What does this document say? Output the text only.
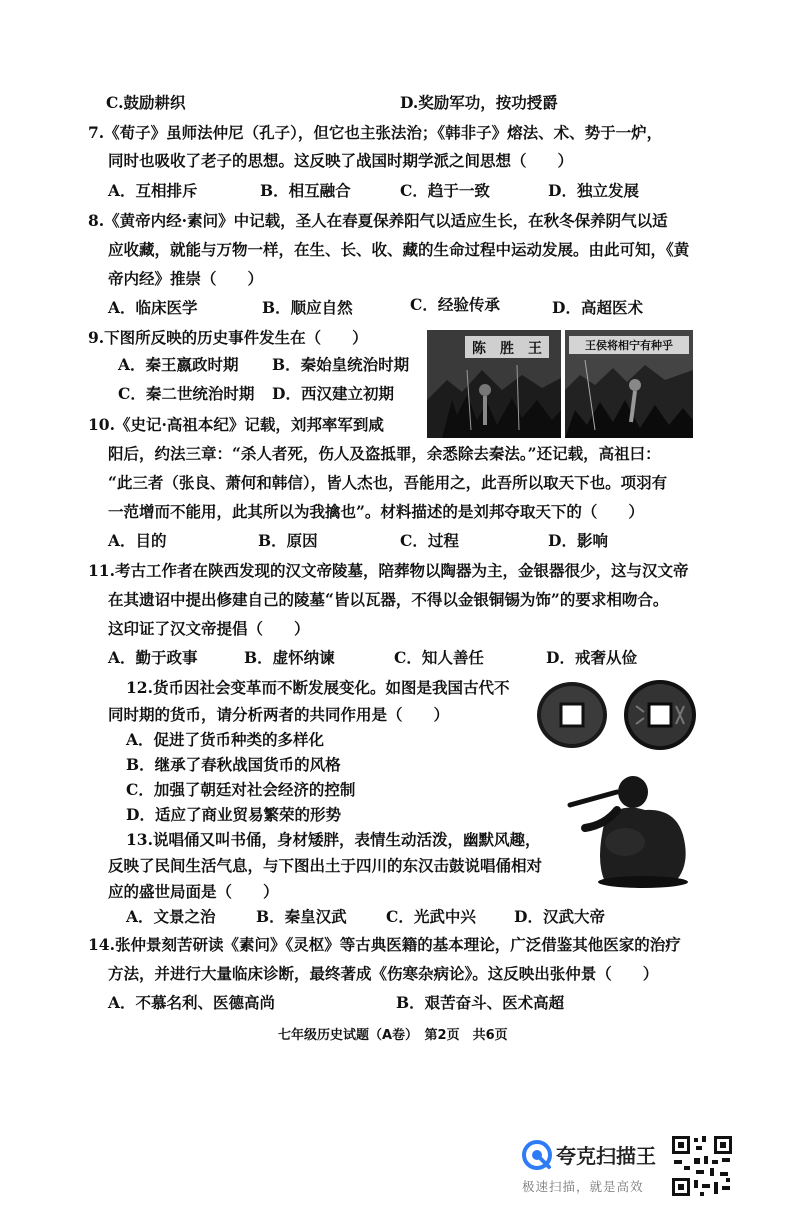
C.鼓励耕织	D.奖励军功，按功授爵
7.《荀子》虽师法仲尼（孔子），但它也主张法治；《韩非子》熔法、术、势于一炉，
同时也吸收了老子的思想。这反映了战国时期学派之间思想（　　）
A．互相排斥	B．相互融合	C．趋于一致	D．独立发展
8.《黄帝内经·素问》中记载，圣人在春夏保养阳气以适应生长，在秋冬保养阴气以适
应收藏，就能与万物一样，在生、长、收、藏的生命过程中运动发展。由此可知，《黄
帝内经》推崇（　　）
A．临床医学	B．顺应自然	C．经验传承	D．高超医术
9.下图所反映的历史事件发生在（　　）
A．秦王嬴政时期 B．秦始皇统治时期
C．秦二世统治时期 D．西汉建立初期
陈　胜　王	王侯将相宁有种乎
10.《史记·高祖本纪》记载，刘邦率军到咸
阳后，约法三章：“杀人者死，伤人及盗抵罪，余悉除去秦法。”还记载，高祖曰：
“此三者（张良、萧何和韩信），皆人杰也，吾能用之，此吾所以取天下也。项羽有
一范增而不能用，此其所以为我擒也”。材料描述的是刘邦夺取天下的（　　）
A．目的	B．原因	C．过程	D．影响
11.考古工作者在陕西发现的汉文帝陵墓，陪葬物以陶器为主，金银器很少，这与汉文帝
在其遗诏中提出修建自己的陵墓“皆以瓦器，不得以金银铜锡为饰”的要求相吻合。
这印证了汉文帝提倡（　　）
A．勤于政事	B．虚怀纳谏	C．知人善任	D．戒奢从俭
12.货币因社会变革而不断发展变化。如图是我国古代不
同时期的货币，请分析两者的共同作用是（　　）
A．促进了货币种类的多样化
B．继承了春秋战国货币的风格
C．加强了朝廷对社会经济的控制
D．适应了商业贸易繁荣的形势
13.说唱俑又叫书俑，身材矮胖，表情生动活泼，幽默风趣，
反映了民间生活气息，与下图出土于四川的东汉击鼓说唱俑相对
应的盛世局面是（　　）
A．文景之治	B．秦皇汉武	C．光武中兴 D．汉武大帝
14.张仲景刻苦研读《素问》《灵枢》等古典医籍的基本理论，广泛借鉴其他医家的治疗
方法，并进行大量临床诊断，最终著成《伤寒杂病论》。这反映出张仲景（　　）
A．不慕名利、医德高尚	B．艰苦奋斗、医术高超
七年级历史试题（A卷）　第2页　共6页
夸克扫描王
极速扫描，就是高效
